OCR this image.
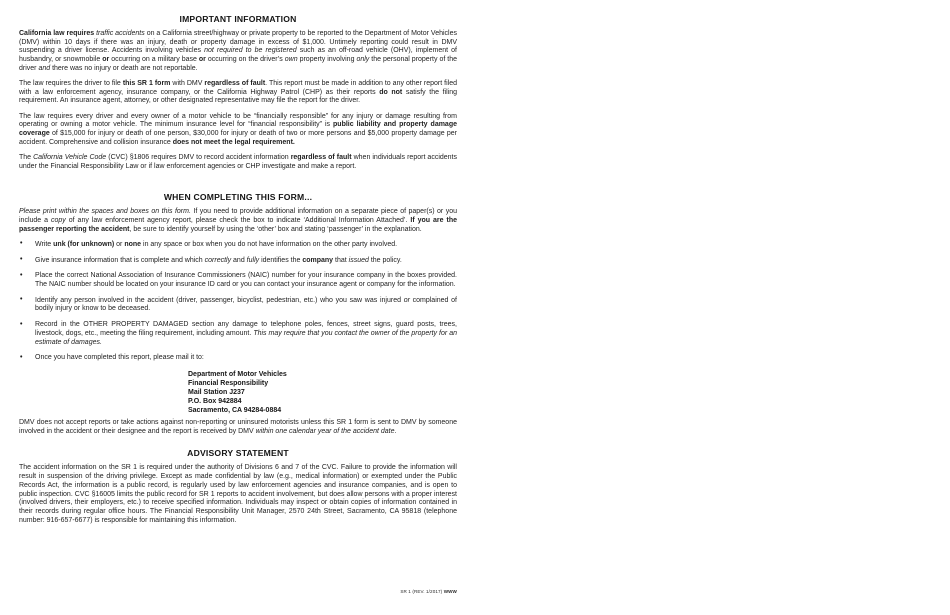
IMPORTANT INFORMATION

California law requires traffic accidents on a California street/highway or private property to be reported to the Department of Motor Vehicles (DMV) within 10 days if there was an injury, death or property damage in excess of $1,000. Untimely reporting could result in DMV suspending a driver license. Accidents involving vehicles not required to be registered such as an off-road vehicle (OHV), implement of husbandry, or snowmobile or occurring on a military base or occurring on the driver’s own property involving only the personal property of the driver and there was no injury or death are not reportable.

The law requires the driver to file this SR 1 form with DMV regardless of fault. This report must be made in addition to any other report filed with a law enforcement agency, insurance company, or the California Highway Patrol (CHP) as their reports do not satisfy the filing requirement. An insurance agent, attorney, or other designated representative may file the report for the driver.

The law requires every driver and every owner of a motor vehicle to be “financially responsible” for any injury or damage resulting from operating or owning a motor vehicle. The minimum insurance level for “financial responsibility” is public liability and property damage coverage of $15,000 for injury or death of one person, $30,000 for injury or death of two or more persons and $5,000 property damage per accident. Comprehensive and collision insurance does not meet the legal requirement.

The California Vehicle Code (CVC) §1806 requires DMV to record accident information regardless of fault when individuals report accidents under the Financial Responsibility Law or if law enforcement agencies or CHP investigate and make a report.

WHEN COMPLETING THIS FORM...

Please print within the spaces and boxes on this form. If you need to provide additional information on a separate piece of paper(s) or you include a copy of any law enforcement agency report, please check the box to indicate ‘Additional Information Attached’. If you are the passenger reporting the accident, be sure to identify yourself by using the ‘other’ box and stating ‘passenger’ in the explanation.

• Write unk (for unknown) or none in any space or box when you do not have information on the other party involved.
• Give insurance information that is complete and which correctly and fully identifies the company that issued the policy.
• Place the correct National Association of Insurance Commissioners (NAIC) number for your insurance company in the boxes provided. The NAIC number should be located on your insurance ID card or you can contact your insurance agent or company for the information.
• Identify any person involved in the accident (driver, passenger, bicyclist, pedestrian, etc.) who you saw was injured or complained of bodily injury or know to be deceased.
• Record in the OTHER PROPERTY DAMAGED section any damage to telephone poles, fences, street signs, guard posts, trees, livestock, dogs, etc., meeting the filing requirement, including amount. This may require that you contact the owner of the property for an estimate of damages.
• Once you have completed this report, please mail it to:
Department of Motor Vehicles
Financial Responsibility
Mail Station J237
P.O. Box 942884
Sacramento, CA 94284-0884

DMV does not accept reports or take actions against non-reporting or uninsured motorists unless this SR 1 form is sent to DMV by someone involved in the accident or their designee and the report is received by DMV within one calendar year of the accident date.

ADVISORY STATEMENT

The accident information on the SR 1 is required under the authority of Divisions 6 and 7 of the CVC. Failure to provide the information will result in suspension of the driving privilege. Except as made confidential by law (e.g., medical information) or exempted under the Public Records Act, the information is a public record, is regularly used by law enforcement agencies and insurance companies, and is open to public inspection. CVC §16005 limits the public record for SR 1 reports to accident involvement, but does allow persons with a proper interest (involved drivers, their employers, etc.) to receive specified information. Individuals may inspect or obtain copies of information contained in their records during regular office hours. The Financial Responsibility Unit Manager, 2570 24th Street, Sacramento, CA 95818 (telephone number: 916-657-6677) is responsible for maintaining this information.

SR 1 (REV. 1/2017) WWW
